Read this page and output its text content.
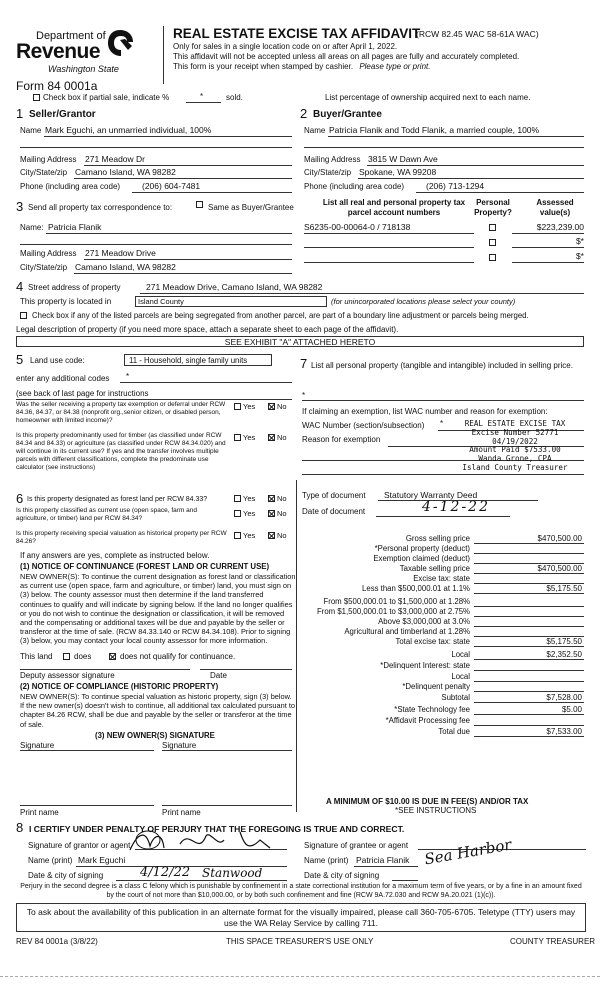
Department of
Revenue
Washington State
Form 84 0001a
REAL ESTATE EXCISE TAX AFFIDAVIT
(RCW 82.45 WAC 58-61A WAC)
Only for sales in a single location code on or after April 1, 2022.
This affidavit will not be accepted unless all areas on all pages are fully and accurately completed.
This form is your receipt when stamped by cashier. Please type or print.
Check box if partial sale, indicate %	*	sold.	List percentage of ownership acquired next to each name.
1 Seller/Grantor
Name Mark Eguchi, an unmarried individual, 100%
Mailing Address 271 Meadow Dr
City/State/zip Camano Island, WA 98282
Phone (including area code)	(206) 604-7481
2 Buyer/Grantee
Name Patricia Flanik and Todd Flanik, a married couple, 100%
Mailing Address 3815 W Dawn Ave
City/State/zip Spokane, WA 99208
Phone (including area code)	(206) 713-1294
3 Send all property tax correspondence to:	Same as Buyer/Grantee
Name: Patricia Flanik
Mailing Address 271 Meadow Drive
City/State/zip Camano Island, WA 98282
List all real and personal property tax
parcel account numbers
Personal
Property?
Assessed
value(s)
S6235-00-00064-0 / 718138	$223,239.00
$*
$*
4 Street address of property	271 Meadow Drive, Camano Island, WA 98282
This property is located in	Island County	(for unincorporated locations please select your county)
Check box if any of the listed parcels are being segregated from another parcel, are part of a boundary line adjustment or parcels being merged.
Legal description of property (if you need more space, attach a separate sheet to each page of the affidavit).
SEE EXHIBIT "A" ATTACHED HERETO
5 Land use code:	11 - Household, single family units
enter any additional codes *
(see back of last page for instructions
Was the seller receiving a property tax exemption or deferral under RCW 84.36, 84.37, or 84.38 (nonprofit org.,senior citizen, or disabled person, homeowner with limited income)?
Yes	No
Is this property predominantly used for timber (as classified under RCW 84.34 and 84.33) or agriculture (as classified under RCW 84.34.020) and will continue in its current use? If yes and the transfer involves multiple parcels with different classifications, complete the predominate use calculator (see instructions)
Yes	No
6 Is this property designated as forest land per RCW 84.33?	Yes	No
Is this property classified as current use (open space, farm and agriculture, or timber) land per RCW 84.34?
Yes	No
Is this property receiving special valuation as historical property per RCW 84.26?
Yes	No
If any answers are yes, complete as instructed below.
(1) NOTICE OF CONTINUANCE (FOREST LAND OR CURRENT USE)
NEW OWNER(S): To continue the current designation as forest land or classification as current use (open space, farm and agriculture, or timber) land, you must sign on (3) below. The county assessor must then determine if the land transferred continues to qualify and will indicate by signing below. If the land no longer qualifies or you do not wish to continue the designation or classification, it will be removed and the compensating or additional taxes will be due and payable by the seller or transferor at the time of sale. (RCW 84.33.140 or RCW 84.34.108). Prior to signing (3) below, you may contact your local county assessor for more information.
This land	does	does not qualify for continuance.
Deputy assessor signature	Date
(2) NOTICE OF COMPLIANCE (HISTORIC PROPERTY)
NEW OWNER(S): To continue special valuation as historic property, sign (3) below. If the new owner(s) doesn't wish to continue, all additional tax calculated pursuant to chapter 84.26 RCW, shall be due and payable by the seller or transferor at the time of sale.
(3) NEW OWNER(S) SIGNATURE
Signature	Signature
Print name	Print name
7 List all personal property (tangible and intangible) included in selling price.
*
If claiming an exemption, list WAC number and reason for exemption:
WAC Number (section/subsection) *
Reason for exemption
REAL ESTATE EXCISE TAX
Excise Number 52771
04/19/2022
Amount Paid $7533.00
Wanda Grone, CPA
Island County Treasurer
Type of document Statutory Warranty Deed
Date of document	4-12-22
Gross selling price	$470,500.00
*Personal property (deduct)
Exemption claimed (deduct)
Taxable selling price	$470,500.00
Excise tax: state
Less than $500,000.01 at 1.1%	$5,175.50
From $500,000.01 to $1,500,000 at 1.28%
From $1,500,000.01 to $3,000,000 at 2.75%
Above $3,000,000 at 3.0%
Agricultural and timberland at 1.28%
Total excise tax: state	$5,175.50
Local	$2,352.50
*Delinquent Interest: state
Local
*Delinquent penalty
Subtotal	$7,528.00
*State Technology fee	$5.00
*Affidavit Processing fee
Total due	$7,533.00
A MINIMUM OF $10.00 IS DUE IN FEE(S) AND/OR TAX
*SEE INSTRUCTIONS
8 I CERTIFY UNDER PENALTY OF PERJURY THAT THE FOREGOING IS TRUE AND CORRECT.
Signature of grantor or agent
Name (print) Mark Eguchi
Date & city of signing	4/12/22 Stanwood
Signature of grantee or agent
Name (print) Patricia Flanik
Date & city of signing
Sea Harbor
Perjury in the second degree is a class C felony which is punishable by confinement in a state correctional institution for a maximum term of five years, or by a fine in an amount fixed by the court of not more than $10,000.00, or by both such confinement and fine (RCW 9A.72.030 and RCW 9A.20.021 (1)(c)).
To ask about the availability of this publication in an alternate format for the visually impaired, please call 360-705-6705. Teletype (TTY) users may use the WA Relay Service by calling 711.
REV 84 0001a (3/8/22)	THIS SPACE TREASURER'S USE ONLY	COUNTY TREASURER
